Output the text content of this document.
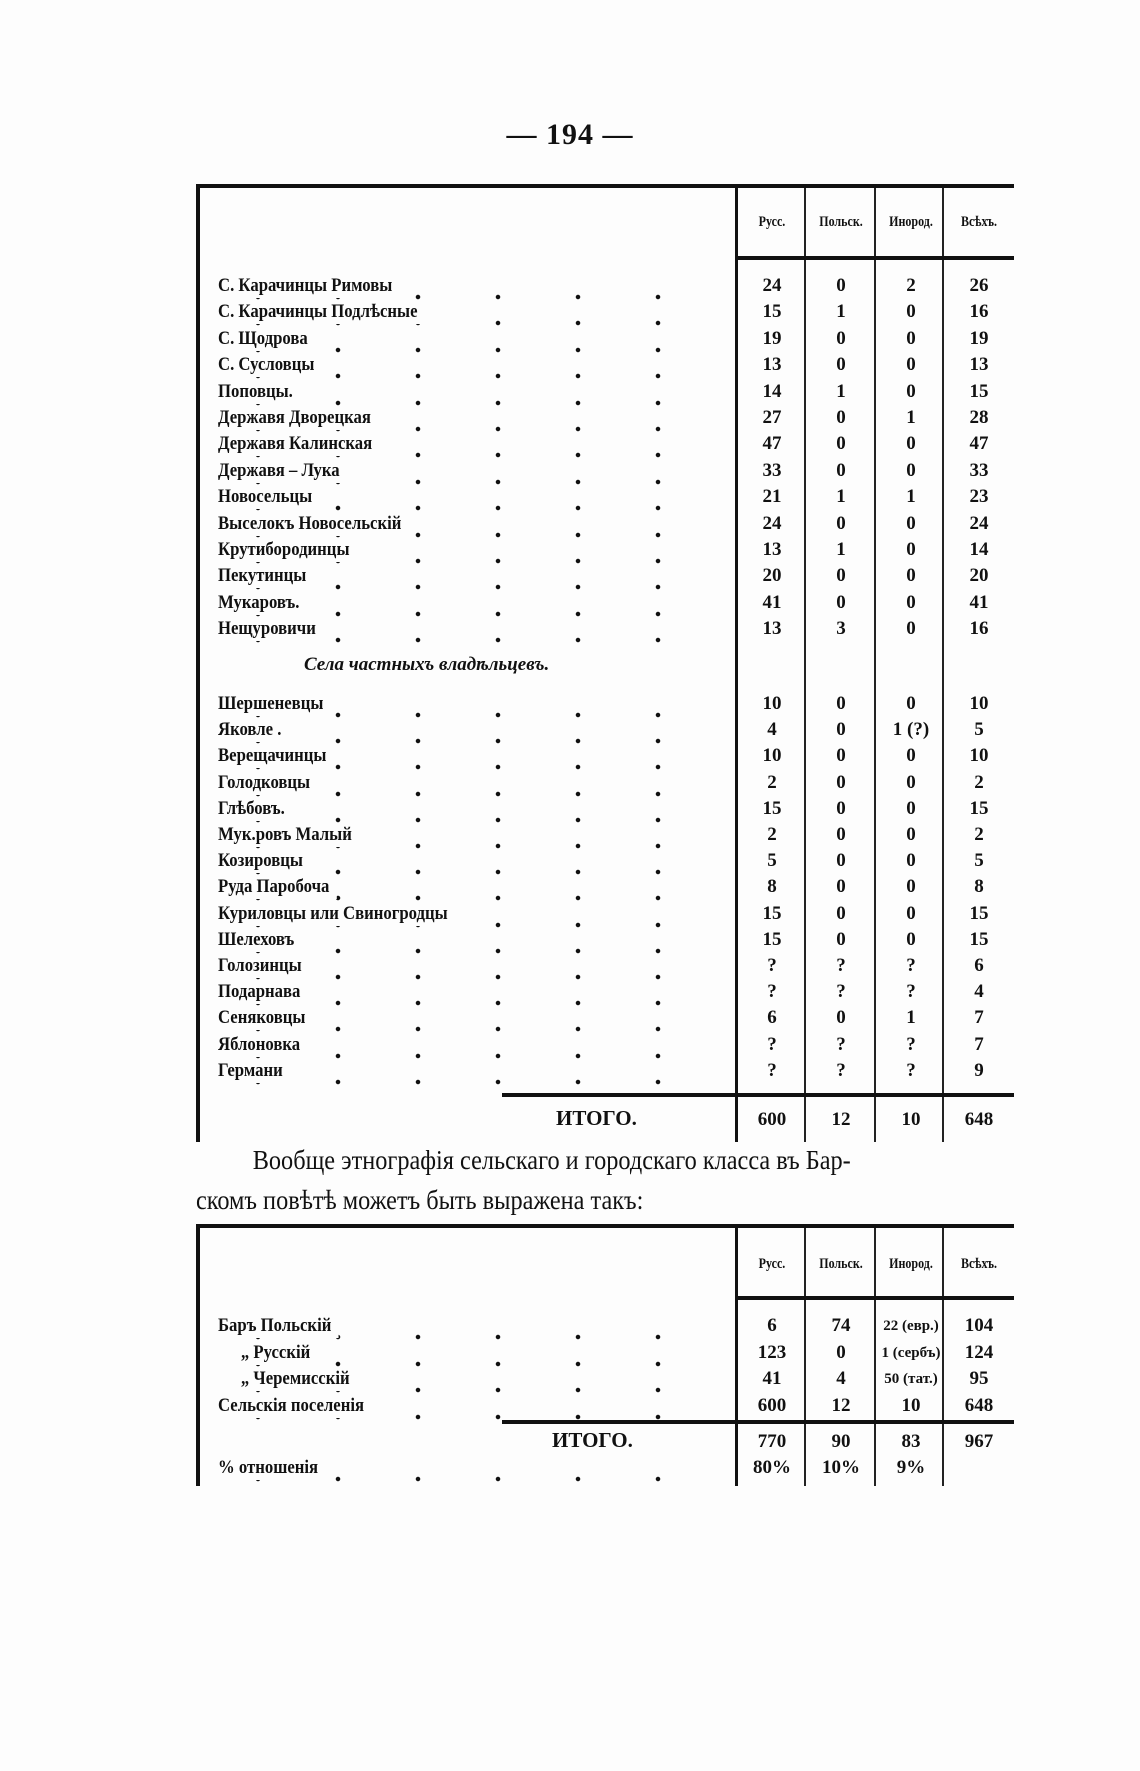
— 194 —
Русс.	Польск.	Инород.	Всѣхъ.
С. Карачинцы Римовы	24	0	2	26
С. Карачинцы Подлѣсные	15	1	0	16
С. Щодрова	19	0	0	19
С. Сусловцы	13	0	0	13
Поповцы.	14	1	0	15
Державя Дворецкая	27	0	1	28
Державя Калинская	47	0	0	47
Державя – Лука	33	0	0	33
Новосельцы	21	1	1	23
Выселокъ Новосельскій	24	0	0	24
Крутибородинцы	13	1	0	14
Пекутинцы	20	0	0	20
Мукаровъ.	41	0	0	41
Нещуровичи	13	3	0	16
Села частныхъ владѣльцевъ.
Шершеневцы	10	0	0	10
Яковле .	4	0	1 (?)	5
Верещачинцы	10	0	0	10
Голодковцы	2	0	0	2
Глѣбовъ.	15	0	0	15
Мук.ровъ Малый	2	0	0	2
Козировцы	5	0	0	5
Руда Паробоча	8	0	0	8
Куриловцы или Свиногродцы	15	0	0	15
Шелеховъ	15	0	0	15
Голозинцы	?	?	?	6
Подарнава	?	?	?	4
Сеняковцы	6	0	1	7
Яблоновка	?	?	?	7
Германи	?	?	?	9
ИТОГО.	600	12	10	648
Вообще этнографія сельскаго и городскаго класса въ Бар-
скомъ повѣтѣ можетъ быть выражена такъ:
Русс.	Польск.	Инород.	Всѣхъ.
Баръ Польскій	6	74	22 (евр.)	104
„ Русскій	123	0	1 (сербъ)	124
„ Черемисскій	41	4	50 (тат.)	95
Сельскія поселенія	600	12	10	648
ИТОГО.	770	90	83	967
% отношенія	80%	10%	9%
